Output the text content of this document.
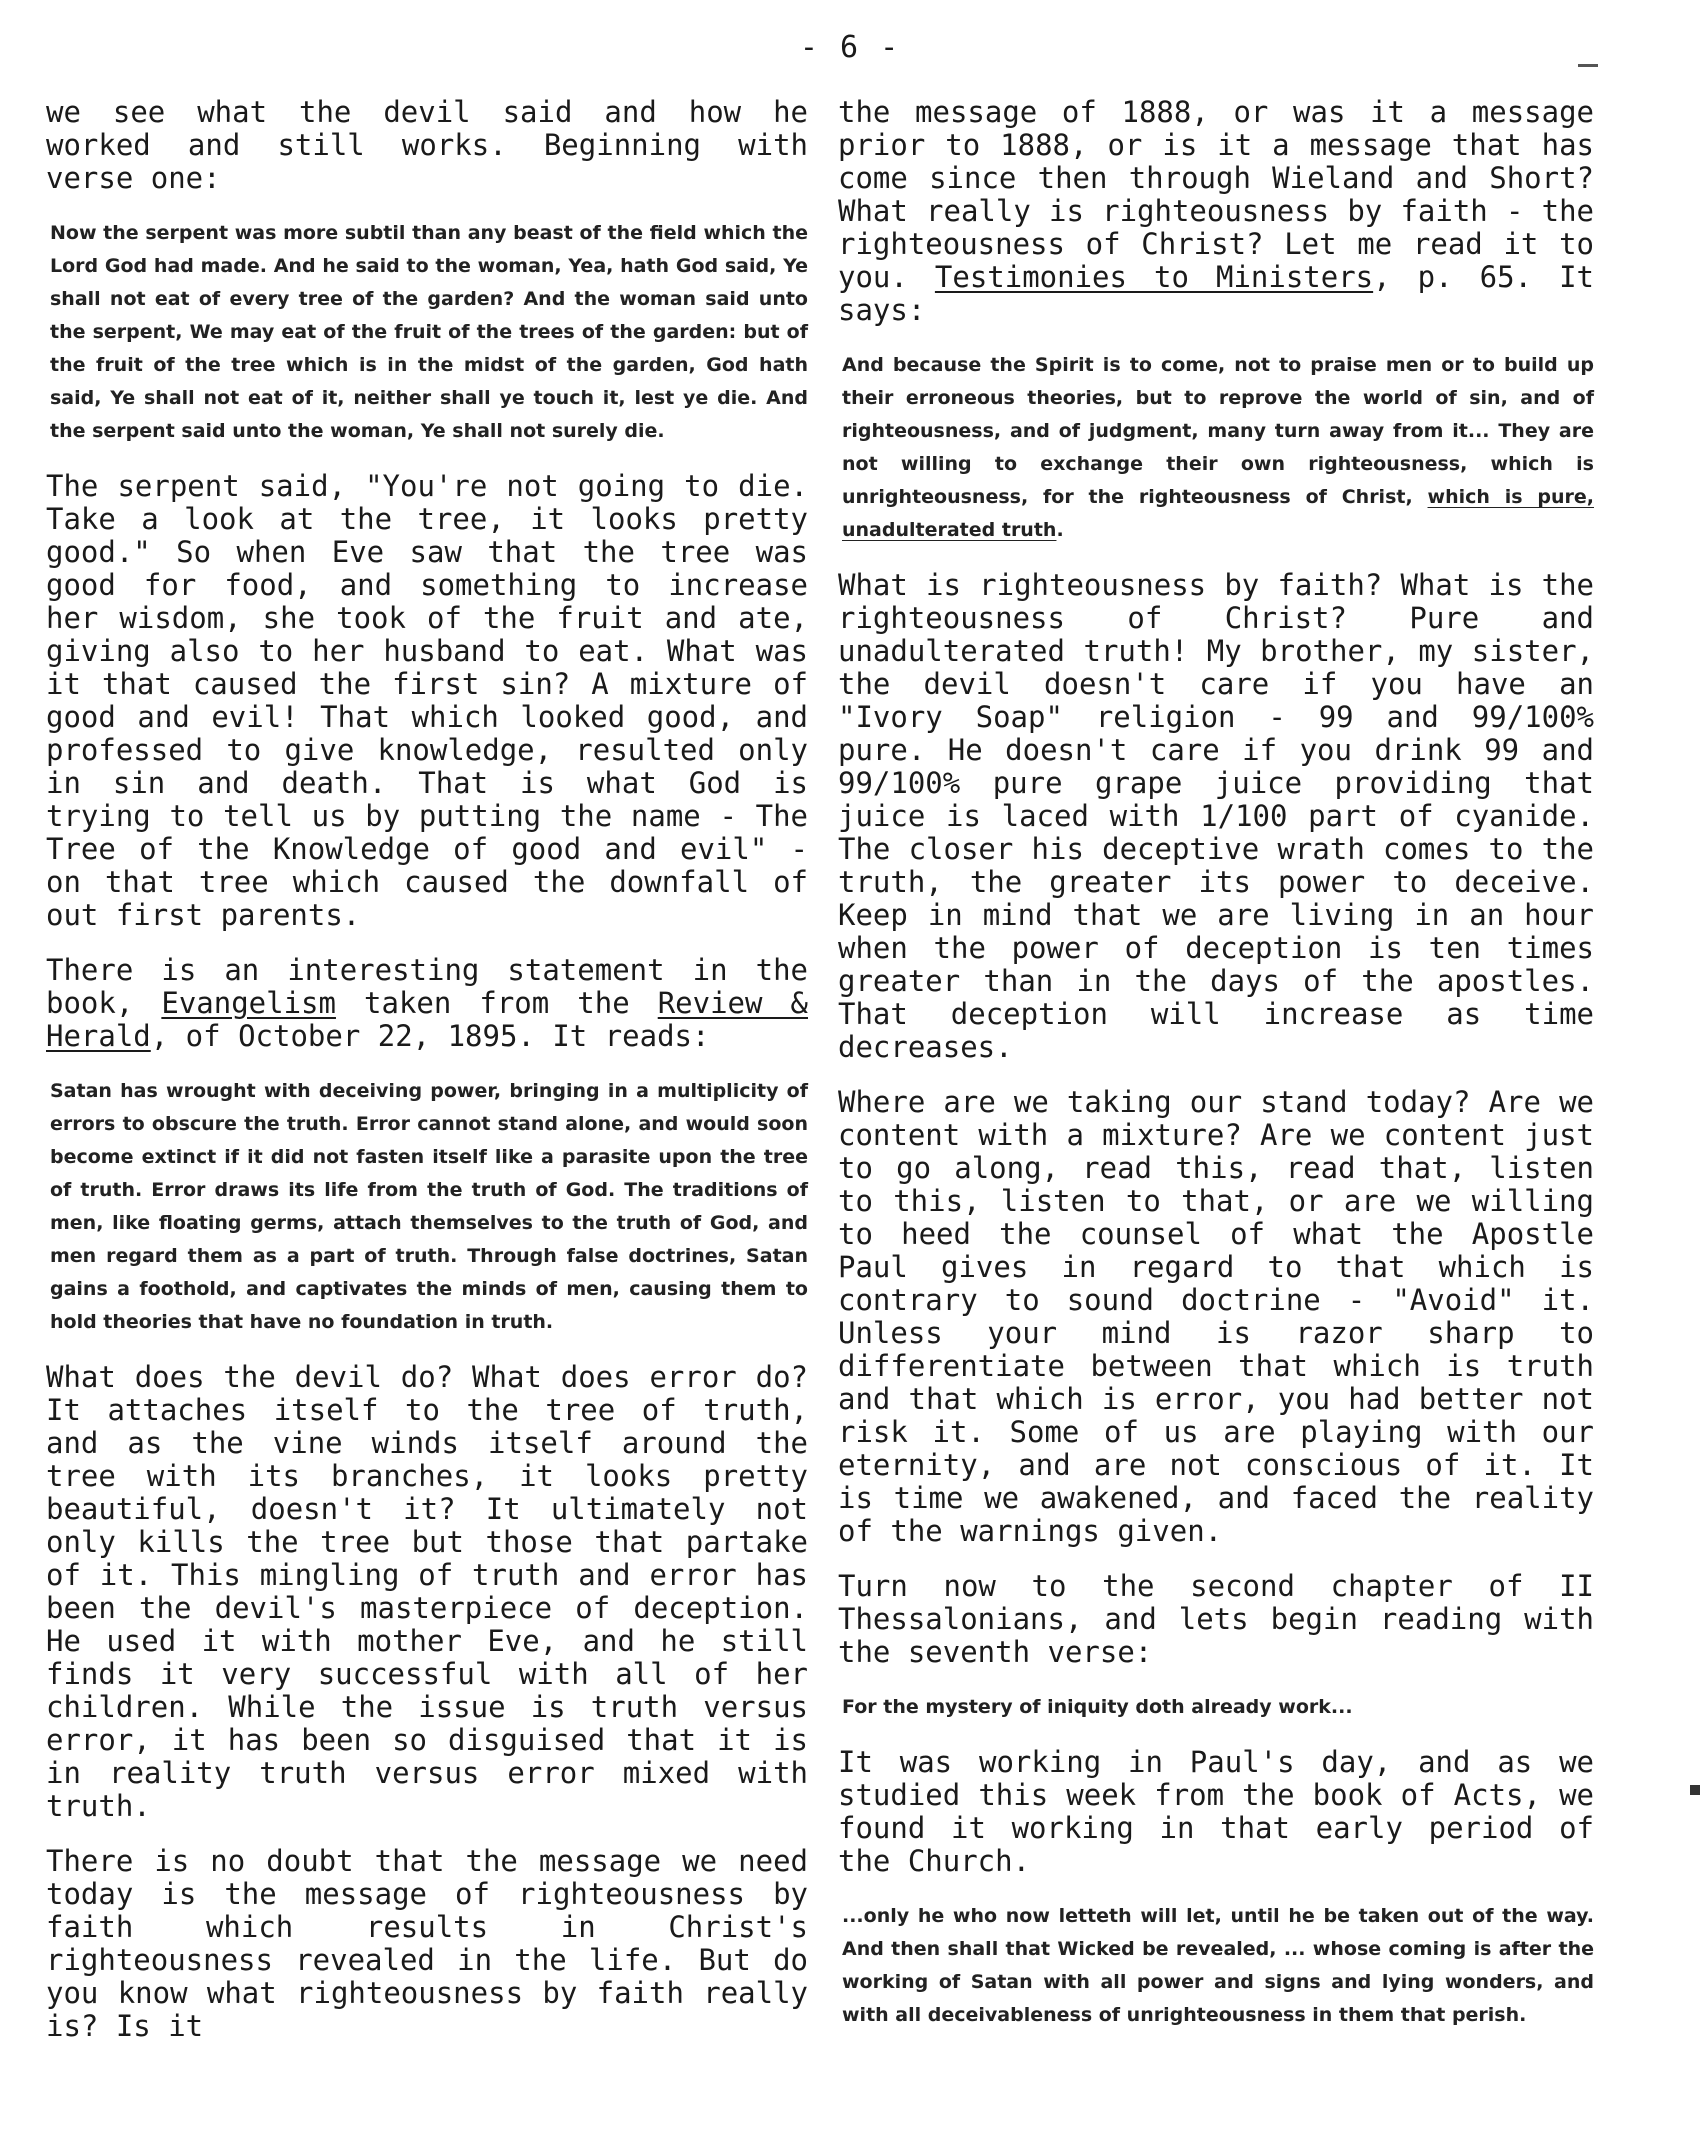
- 6 -

we see what the devil said and how he worked and still works. Beginning with verse one:

Now the serpent was more subtil than any beast of the field which the Lord God had made. And he said to the woman, Yea, hath God said, Ye shall not eat of every tree of the garden? And the woman said unto the serpent, We may eat of the fruit of the trees of the garden: but of the fruit of the tree which is in the midst of the garden, God hath said, Ye shall not eat of it, neither shall ye touch it, lest ye die. And the serpent said unto the woman, Ye shall not surely die.

The serpent said, "You're not going to die. Take a look at the tree, it looks pretty good." So when Eve saw that the tree was good for food, and something to increase her wisdom, she took of the fruit and ate, giving also to her husband to eat. What was it that caused the first sin? A mixture of good and evil! That which looked good, and professed to give knowledge, resulted only in sin and death. That is what God is trying to tell us by putting the name - The Tree of the Knowledge of good and evil" - on that tree which caused the downfall of out first parents.

There is an interesting statement in the book, Evangelism taken from the Review & Herald, of October 22, 1895. It reads:

Satan has wrought with deceiving power, bringing in a multiplicity of errors to obscure the truth. Error cannot stand alone, and would soon become extinct if it did not fasten itself like a parasite upon the tree of truth. Error draws its life from the truth of God. The traditions of men, like floating germs, attach themselves to the truth of God, and men regard them as a part of truth. Through false doctrines, Satan gains a foothold, and captivates the minds of men, causing them to hold theories that have no foundation in truth.

What does the devil do? What does error do? It attaches itself to the tree of truth, and as the vine winds itself around the tree with its branches, it looks pretty beautiful, doesn't it? It ultimately not only kills the tree but those that partake of it. This mingling of truth and error has been the devil's masterpiece of deception. He used it with mother Eve, and he still finds it very successful with all of her children. While the issue is truth versus error, it has been so disguised that it is in reality truth versus error mixed with truth.

There is no doubt that the message we need today is the message of righteousness by faith which results in Christ's righteousness revealed in the life. But do you know what righteousness by faith really is? Is it

the message of 1888, or was it a message prior to 1888, or is it a message that has come since then through Wieland and Short? What really is righteousness by faith - the righteousness of Christ? Let me read it to you. Testimonies to Ministers, p. 65. It says:

And because the Spirit is to come, not to praise men or to build up their erroneous theories, but to reprove the world of sin, and of righteousness, and of judgment, many turn away from it... They are not willing to exchange their own righteousness, which is unrighteousness, for the righteousness of Christ, which is pure, unadulterated truth.

What is righteousness by faith? What is the righteousness of Christ? Pure and unadulterated truth! My brother, my sister, the devil doesn't care if you have an "Ivory Soap" religion - 99 and 99/100% pure. He doesn't care if you drink 99 and 99/100% pure grape juice providing that juice is laced with 1/100 part of cyanide. The closer his deceptive wrath comes to the truth, the greater its power to deceive. Keep in mind that we are living in an hour when the power of deception is ten times greater than in the days of the apostles. That deception will increase as time decreases.

Where are we taking our stand today? Are we content with a mixture? Are we content just to go along, read this, read that, listen to this, listen to that, or are we willing to heed the counsel of what the Apostle Paul gives in regard to that which is contrary to sound doctrine - "Avoid" it. Unless your mind is razor sharp to differentiate between that which is truth and that which is error, you had better not risk it. Some of us are playing with our eternity, and are not conscious of it. It is time we awakened, and faced the reality of the warnings given.

Turn now to the second chapter of II Thessalonians, and lets begin reading with the seventh verse:

For the mystery of iniquity doth already work...

It was working in Paul's day, and as we studied this week from the book of Acts, we found it working in that early period of the Church.

...only he who now letteth will let, until he be taken out of the way. And then shall that Wicked be revealed, ... whose coming is after the working of Satan with all power and signs and lying wonders, and with all deceivableness of unrighteousness in them that perish.
